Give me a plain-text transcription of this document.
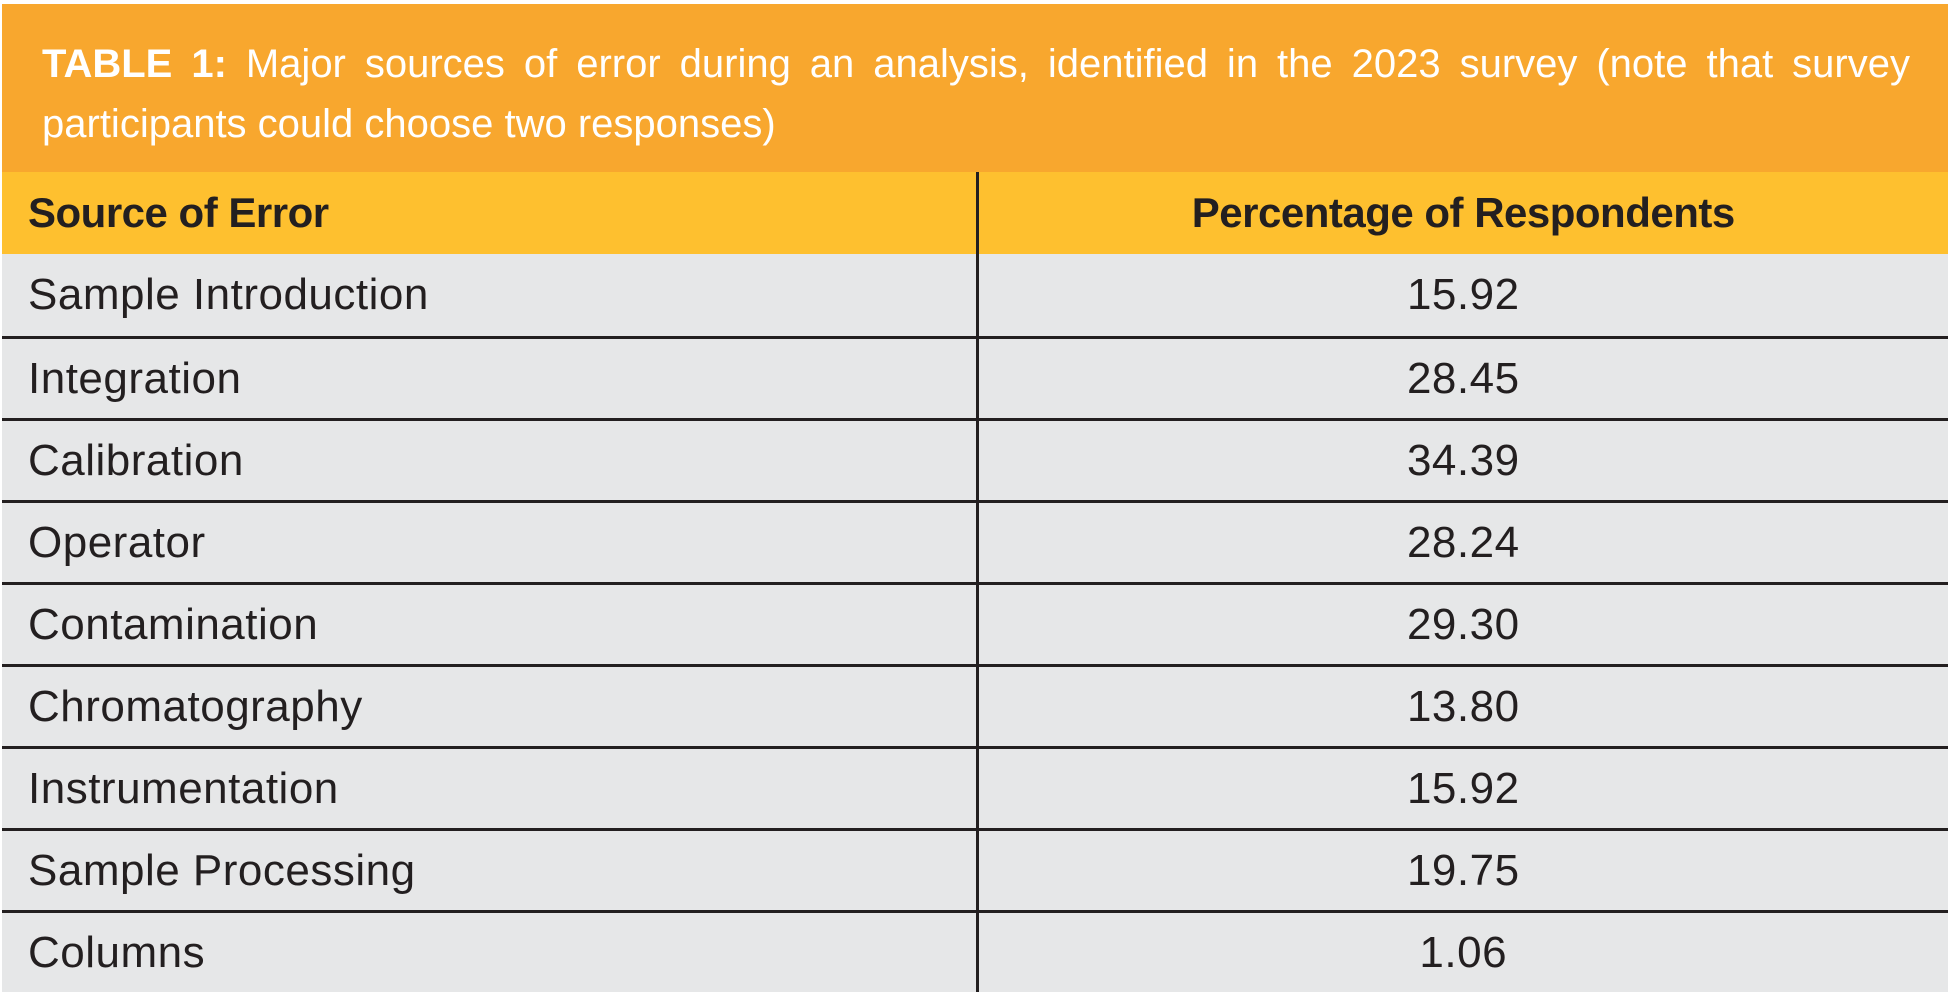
TABLE 1: Major sources of error during an analysis, identified in the 2023 survey (note that survey participants could choose two responses)
Source of Error	Percentage of Respondents
Sample Introduction	15.92
Integration	28.45
Calibration	34.39
Operator	28.24
Contamination	29.30
Chromatography	13.80
Instrumentation	15.92
Sample Processing	19.75
Columns	1.06
